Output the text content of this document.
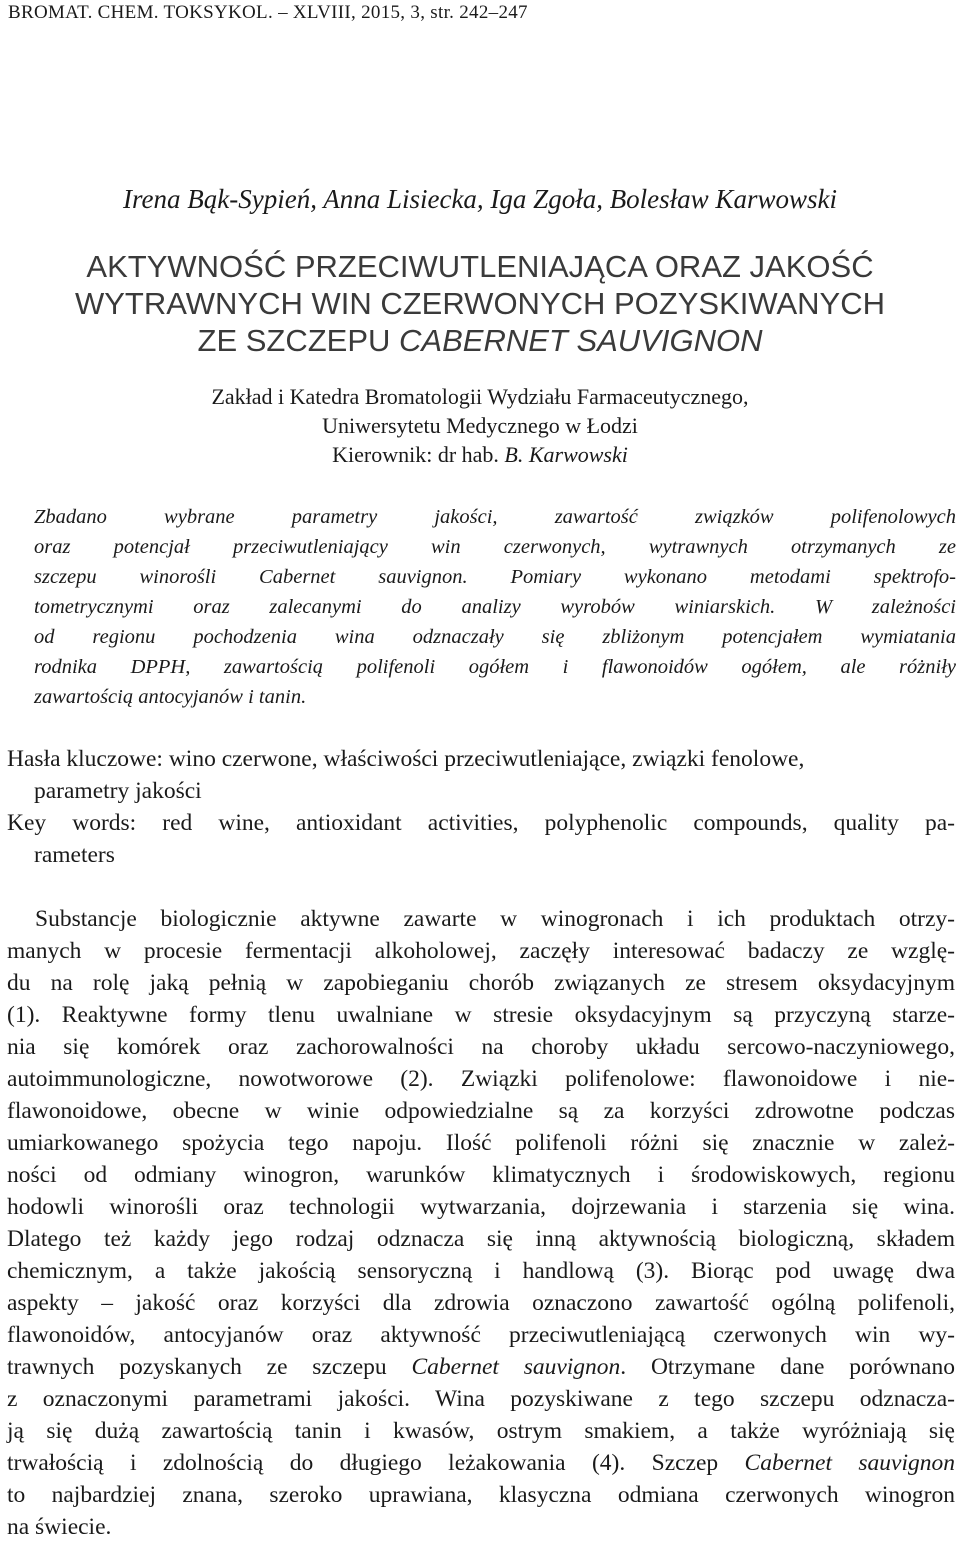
BROMAT. CHEM. TOKSYKOL. – XLVIII, 2015, 3, str. 242–247
Irena Bąk-Sypień, Anna Lisiecka, Iga Zgoła, Bolesław Karwowski
AKTYWNOŚĆ PRZECIWUTLENIAJĄCA ORAZ JAKOŚĆ
WYTRAWNYCH WIN CZERWONYCH POZYSKIWANYCH
ZE SZCZEPU CABERNET SAUVIGNON
Zakład i Katedra Bromatologii Wydziału Farmaceutycznego,
Uniwersytetu Medycznego w Łodzi
Kierownik: dr hab. B. Karwowski
Zbadano wybrane parametry jakości, zawartość związków polifenolowych
oraz potencjał przeciwutleniający win czerwonych, wytrawnych otrzymanych ze
szczepu winorośli Cabernet sauvignon. Pomiary wykonano metodami spektrofo-
tometrycznymi oraz zalecanymi do analizy wyrobów winiarskich. W zależności
od regionu pochodzenia wina odznaczały się zbliżonym potencjałem wymiatania
rodnika DPPH, zawartością polifenoli ogółem i flawonoidów ogółem, ale różniły
zawartością antocyjanów i tanin.
Hasła kluczowe: wino czerwone, właściwości przeciwutleniające, związki fenolowe,
parametry jakości
Key words: red wine, antioxidant activities, polyphenolic compounds, quality pa-
rameters
Substancje biologicznie aktywne zawarte w winogronach i ich produktach otrzy-
manych w procesie fermentacji alkoholowej, zaczęły interesować badaczy ze wzglę-
du na rolę jaką pełnią w zapobieganiu chorób związanych ze stresem oksydacyjnym
(1). Reaktywne formy tlenu uwalniane w stresie oksydacyjnym są przyczyną starze-
nia się komórek oraz zachorowalności na choroby układu sercowo-naczyniowego,
autoimmunologiczne, nowotworowe (2). Związki polifenolowe: flawonoidowe i nie-
flawonoidowe, obecne w winie odpowiedzialne są za korzyści zdrowotne podczas
umiarkowanego spożycia tego napoju. Ilość polifenoli różni się znacznie w zależ-
ności od odmiany winogron, warunków klimatycznych i środowiskowych, regionu
hodowli winorośli oraz technologii wytwarzania, dojrzewania i starzenia się wina.
Dlatego też każdy jego rodzaj odznacza się inną aktywnością biologiczną, składem
chemicznym, a także jakością sensoryczną i handlową (3). Biorąc pod uwagę dwa
aspekty – jakość oraz korzyści dla zdrowia oznaczono zawartość ogólną polifenoli,
flawonoidów, antocyjanów oraz aktywność przeciwutleniającą czerwonych win wy-
trawnych pozyskanych ze szczepu Cabernet sauvignon. Otrzymane dane porównano
z oznaczonymi parametrami jakości. Wina pozyskiwane z tego szczepu odznacza-
ją się dużą zawartością tanin i kwasów, ostrym smakiem, a także wyróżniają się
trwałością i zdolnością do długiego leżakowania (4). Szczep Cabernet sauvignon
to najbardziej znana, szeroko uprawiana, klasyczna odmiana czerwonych winogron
na świecie.
